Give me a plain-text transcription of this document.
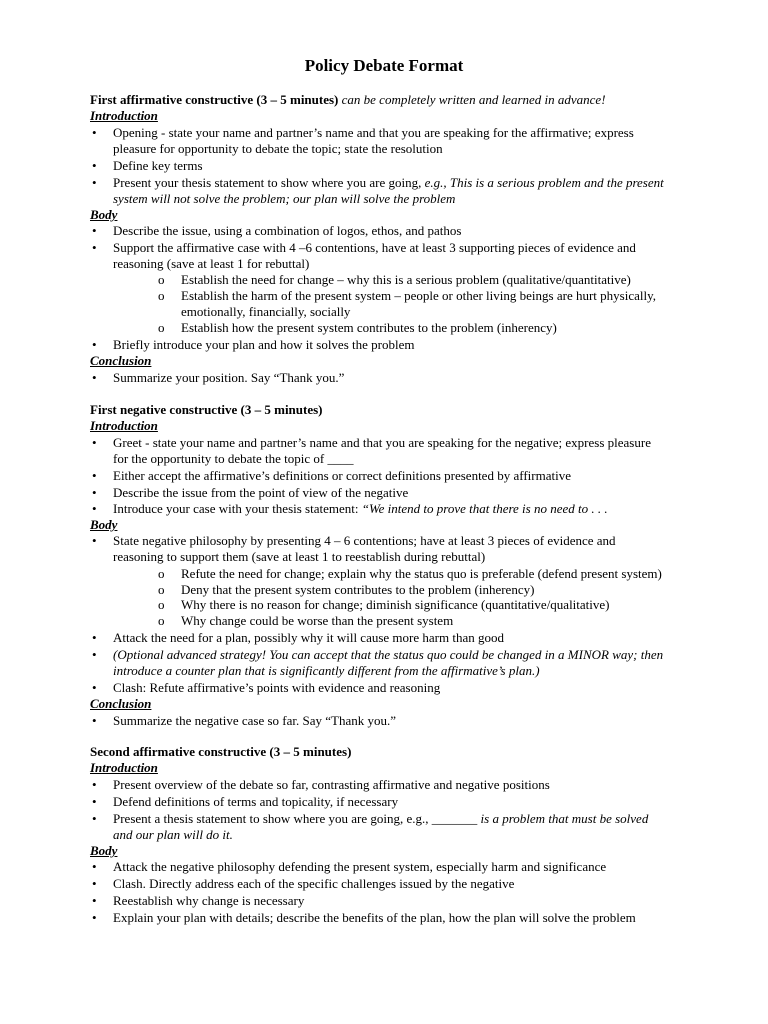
Policy Debate Format
First affirmative constructive (3 – 5 minutes) can be completely written and learned in advance!
Introduction
• Opening - state your name and partner’s name and that you are speaking for the affirmative; express
pleasure for opportunity to debate the topic; state the resolution
• Define key terms
• Present your thesis statement to show where you are going, e.g., This is a serious problem and the present
system will not solve the problem; our plan will solve the problem
Body
• Describe the issue, using a combination of logos, ethos, and pathos
• Support the affirmative case with 4 –6 contentions, have at least 3 supporting pieces of evidence and
reasoning (save at least 1 for rebuttal)
o Establish the need for change – why this is a serious problem (qualitative/quantitative)
o Establish the harm of the present system – people or other living beings are hurt physically,
emotionally, financially, socially
o Establish how the present system contributes to the problem (inherency)
• Briefly introduce your plan and how it solves the problem
Conclusion
• Summarize your position. Say “Thank you.”
First negative constructive (3 – 5 minutes)
Introduction
• Greet - state your name and partner’s name and that you are speaking for the negative; express pleasure
for the opportunity to debate the topic of ____
• Either accept the affirmative’s definitions or correct definitions presented by affirmative
• Describe the issue from the point of view of the negative
• Introduce your case with your thesis statement: “We intend to prove that there is no need to . . .
Body
• State negative philosophy by presenting 4 – 6 contentions; have at least 3 pieces of evidence and
reasoning to support them (save at least 1 to reestablish during rebuttal)
o Refute the need for change; explain why the status quo is preferable (defend present system)
o Deny that the present system contributes to the problem (inherency)
o Why there is no reason for change; diminish significance (quantitative/qualitative)
o Why change could be worse than the present system
• Attack the need for a plan, possibly why it will cause more harm than good
• (Optional advanced strategy! You can accept that the status quo could be changed in a MINOR way; then
introduce a counter plan that is significantly different from the affirmative’s plan.)
• Clash: Refute affirmative’s points with evidence and reasoning
Conclusion
• Summarize the negative case so far. Say “Thank you.”
Second affirmative constructive (3 – 5 minutes)
Introduction
• Present overview of the debate so far, contrasting affirmative and negative positions
• Defend definitions of terms and topicality, if necessary
• Present a thesis statement to show where you are going, e.g., _______ is a problem that must be solved
and our plan will do it.
Body
• Attack the negative philosophy defending the present system, especially harm and significance
• Clash. Directly address each of the specific challenges issued by the negative
• Reestablish why change is necessary
• Explain your plan with details; describe the benefits of the plan, how the plan will solve the problem
